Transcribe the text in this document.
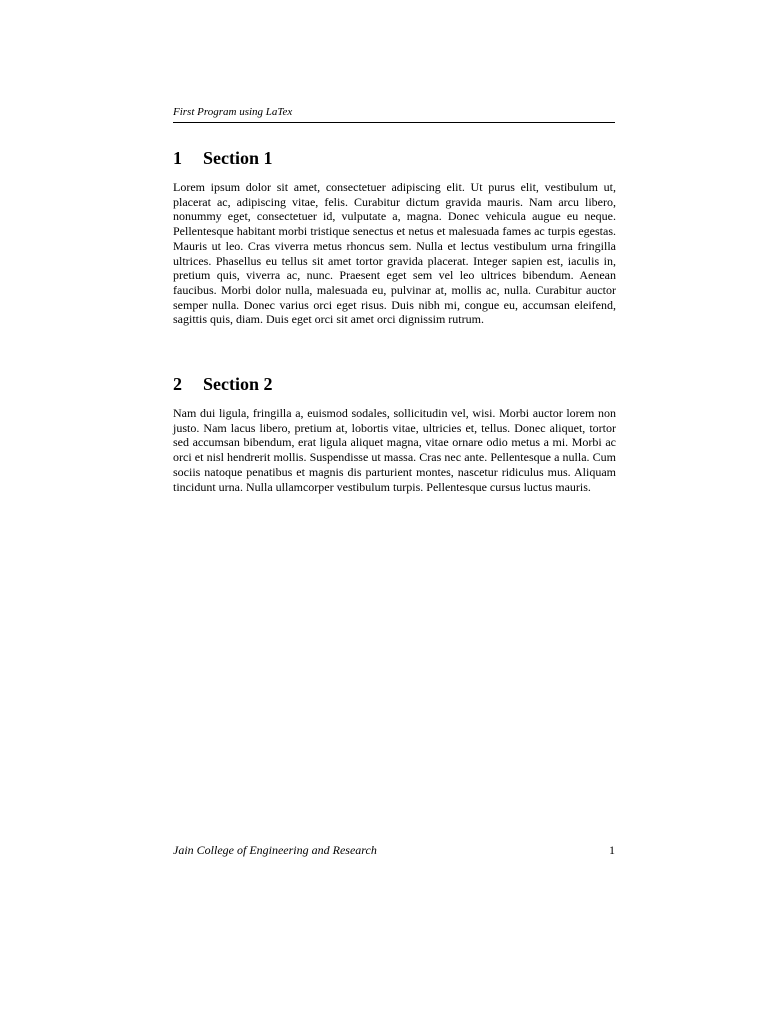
First Program using LaTex
1	Section 1

Lorem ipsum dolor sit amet, consectetuer adipiscing elit. Ut purus elit, vestibulum ut, placerat ac, adipiscing vitae, felis. Curabitur dictum gravida mauris. Nam arcu libero, nonummy eget, consectetuer id, vulputate a, magna. Donec vehicula augue eu neque. Pellentesque habitant morbi tristique senectus et netus et malesuada fames ac turpis egestas. Mauris ut leo. Cras viverra metus rhoncus sem. Nulla et lectus vestibulum urna fringilla ultrices. Phasellus eu tellus sit amet tortor gravida placerat. Integer sapien est, iaculis in, pretium quis, viverra ac, nunc. Praesent eget sem vel leo ultrices bibendum. Aenean faucibus. Morbi dolor nulla, malesuada eu, pulvinar at, mollis ac, nulla. Curabitur auctor semper nulla. Donec varius orci eget risus. Duis nibh mi, congue eu, accumsan eleifend, sagittis quis, diam. Duis eget orci sit amet orci dignissim rutrum.

2	Section 2

Nam dui ligula, fringilla a, euismod sodales, sollicitudin vel, wisi. Morbi auctor lorem non justo. Nam lacus libero, pretium at, lobortis vitae, ultricies et, tellus. Donec aliquet, tortor sed accumsan bibendum, erat ligula aliquet magna, vitae ornare odio metus a mi. Morbi ac orci et nisl hendrerit mollis. Suspendisse ut massa. Cras nec ante. Pellentesque a nulla. Cum sociis natoque penatibus et magnis dis parturient montes, nascetur ridiculus mus. Aliquam tincidunt urna. Nulla ullamcorper vestibulum turpis. Pellentesque cursus luctus mauris.

Jain College of Engineering and Research	1
